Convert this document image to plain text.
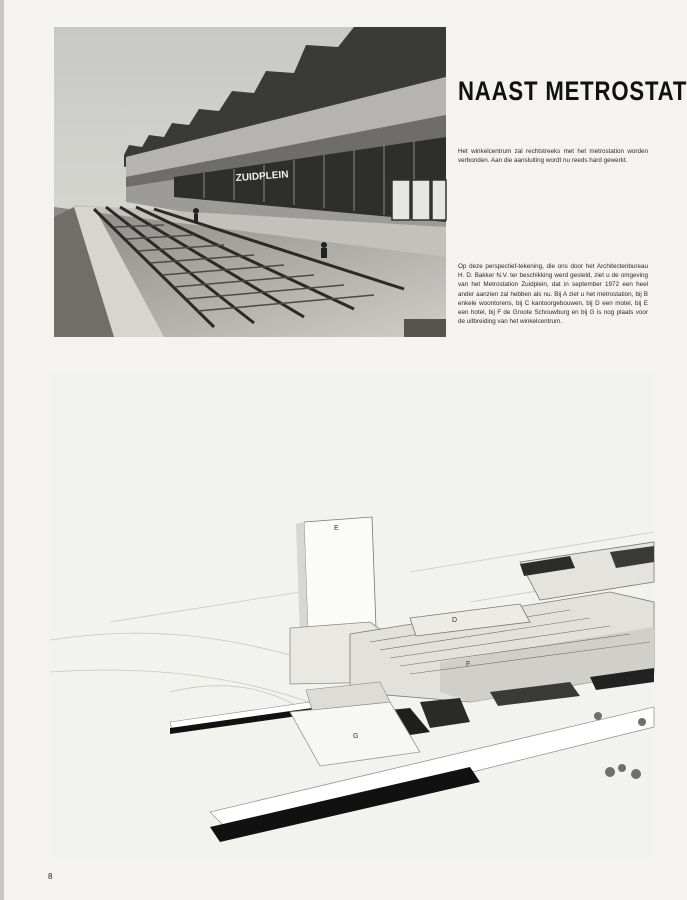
ZUIDPLEIN
NAAST METROSTAT
Het winkelcentrum zal rechtstreeks met het metrostation worden verbonden. Aan die aansluiting wordt nu reeds hard gewerkt.
Op deze perspectief-tekening, die ons door het Architectenbureau H. D. Bakker N.V. ter beschikking werd gesteld, ziet u de omgeving van het Metrostation Zuidplein, dat in september 1972 een heel ander aanzien zal hebben als nu. Bij A ziet u het metrostation, bij B enkele woontorens, bij C kantoorgebouwen, bij D een motel, bij E een hotel, bij F de Groote Schouwburg en bij G is nog plaats voor de uitbreiding van het winkelcentrum.
E
D
F
G
C
8
